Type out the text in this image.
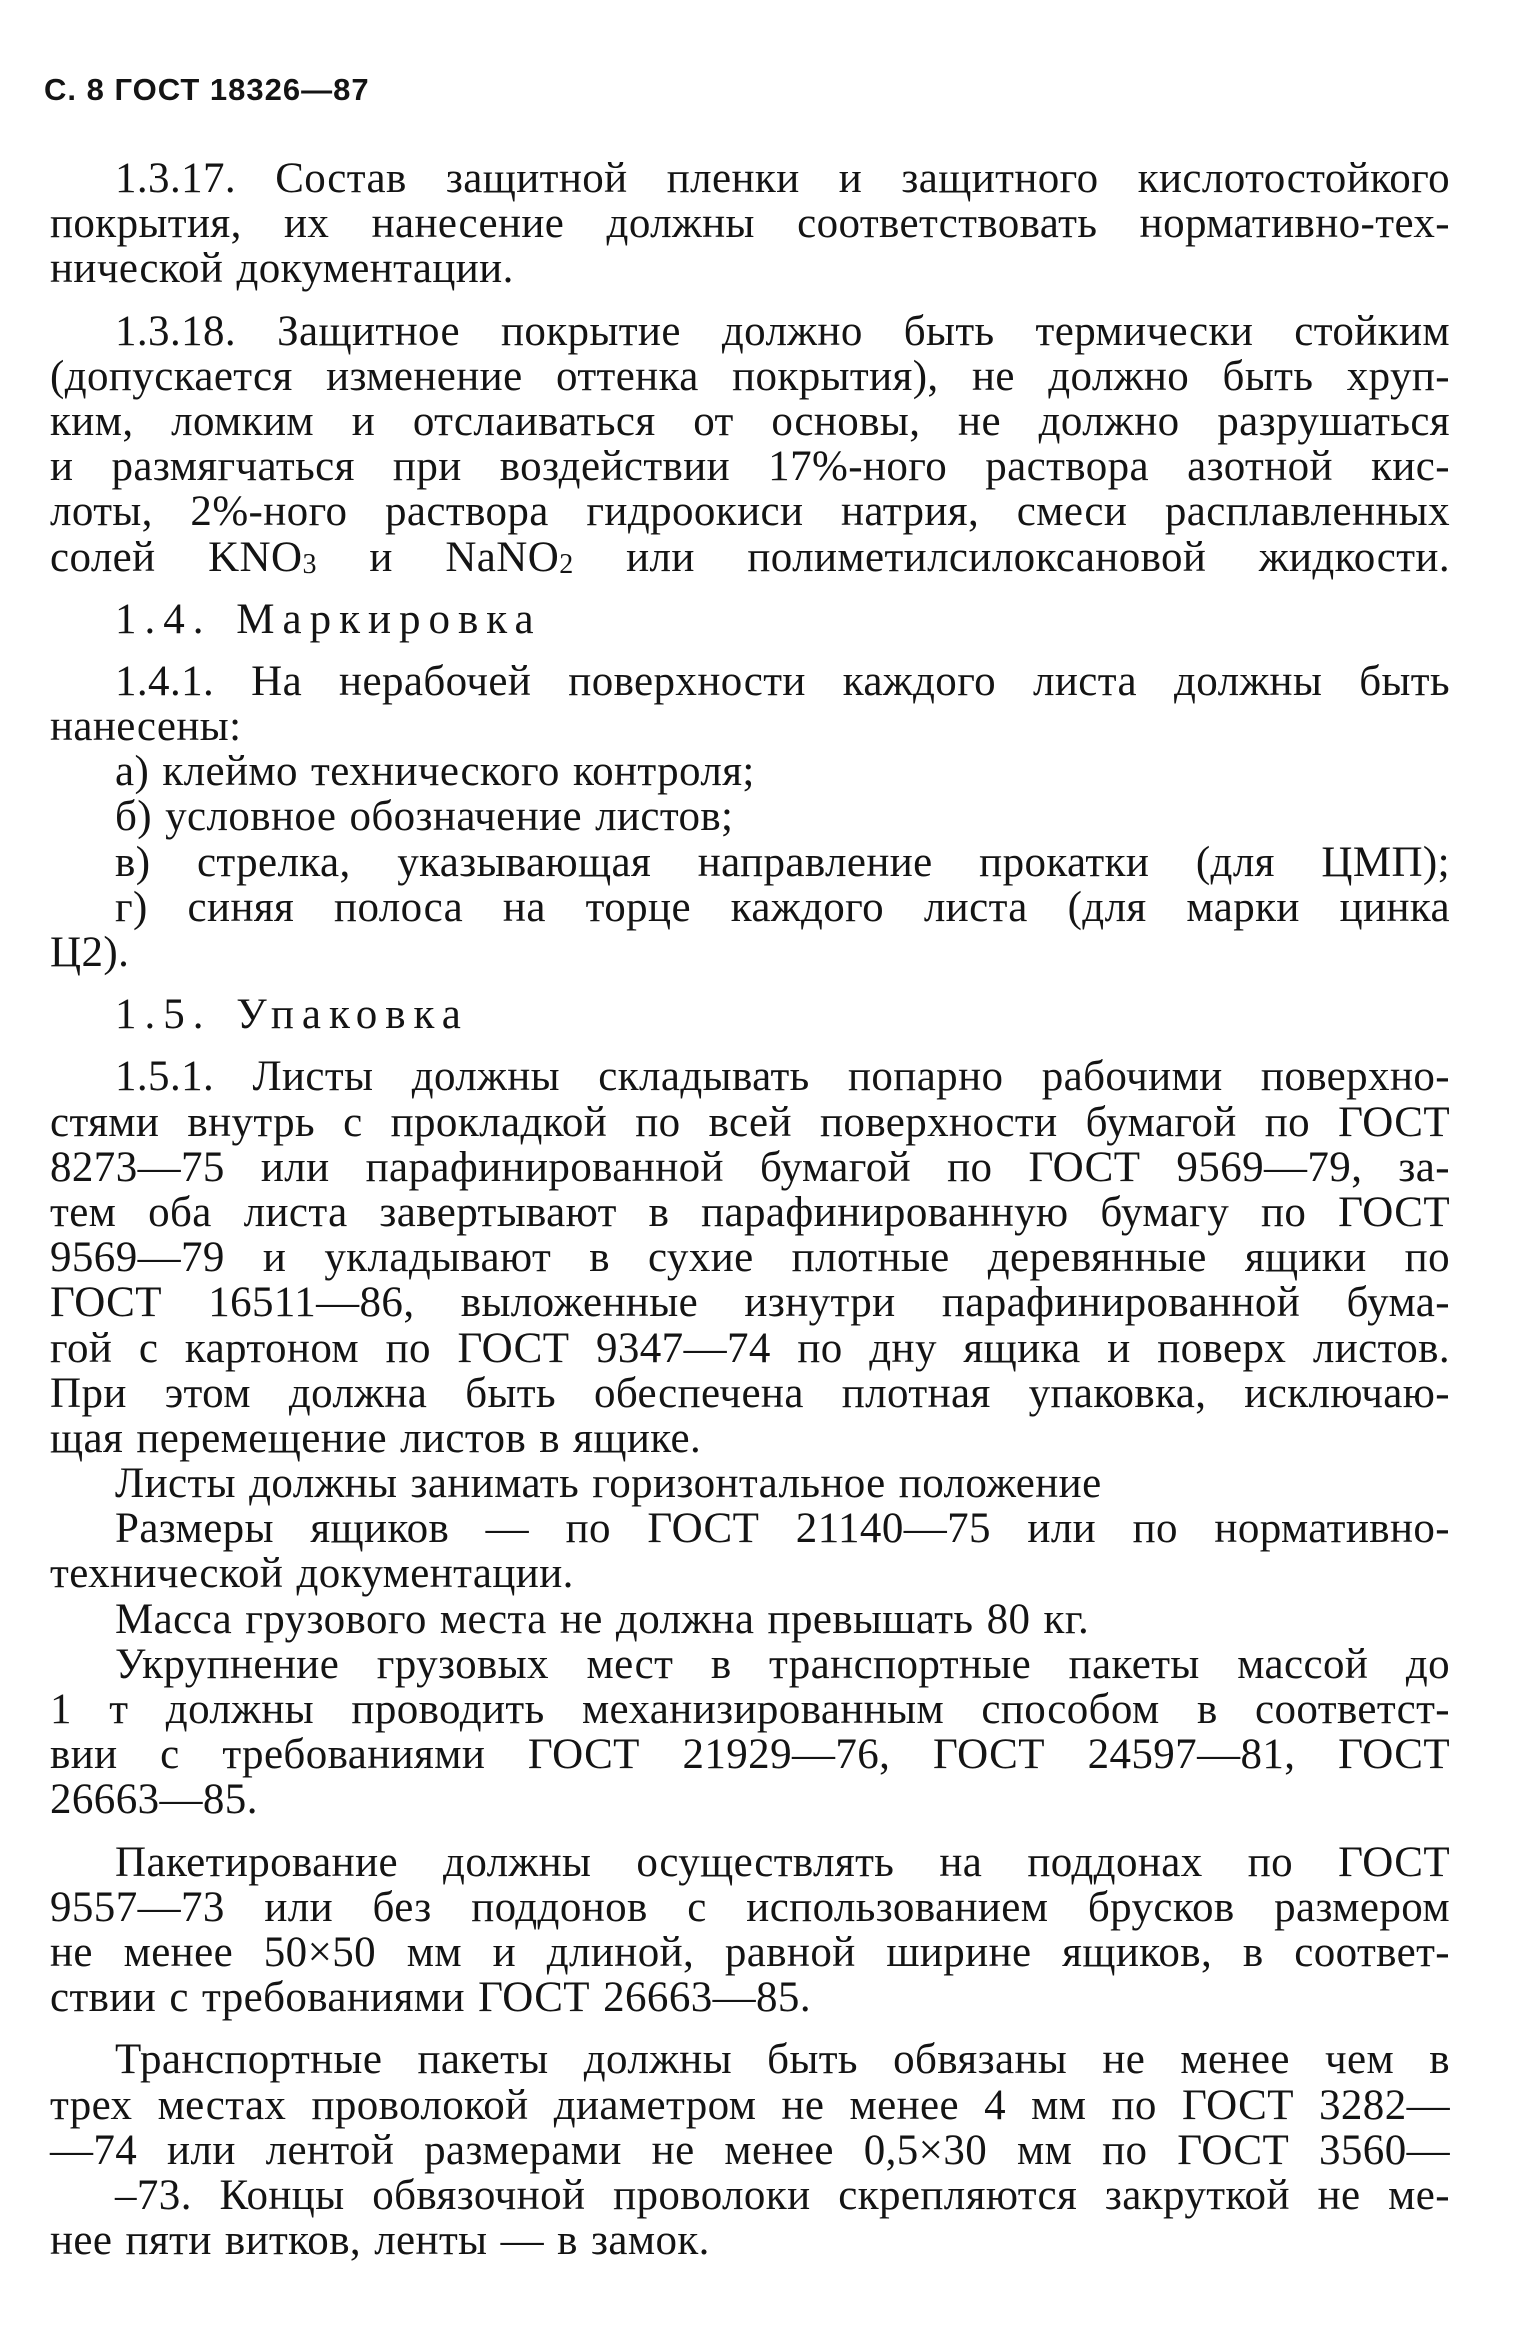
С. 8 ГОСТ 18326—87
1.3.17. Состав защитной пленки и защитного кислотостойкого
покрытия, их нанесение должны соответствовать нормативно-тех-
нической документации.
1.3.18. Защитное покрытие должно быть термически стойким
(допускается изменение оттенка покрытия), не должно быть хруп-
ким, ломким и отслаиваться от основы, не должно разрушаться
и размягчаться при воздействии 17%-ного раствора азотной кис-
лоты, 2%-ного раствора гидроокиси натрия, смеси расплавленных
солей $KNO_3$ и NaNO$_2$ или полиметилсилоксановой жидкости.
1.4. Маркировка
1.4.1. На нерабочей поверхности каждого листа должны быть
нанесены:
а) клеймо технического контроля;
б) условное обозначение листов;
в) стрелка, указывающая направление прокатки (для ЦМП);
г) синяя полоса на торце каждого листа (для марки цинка
Ц2).
1.5. Упаковка
1.5.1. Листы должны складывать попарно рабочими поверхно-
стями внутрь с прокладкой по всей поверхности бумагой по ГОСТ
8273—75 или парафинированной бумагой по ГОСТ 9569—79, за-
тем оба листа завертывают в парафинированную бумагу по ГОСТ
9569—79 и укладывают в сухие плотные деревянные ящики по
ГОСТ 16511—86, выложенные изнутри парафинированной бума-
гой с картоном по ГОСТ 9347—74 по дну ящика и поверх листов.
При этом должна быть обеспечена плотная упаковка, исключаю-
щая перемещение листов в ящике.
Листы должны занимать горизонтальное положение
Размеры ящиков — по ГОСТ 21140—75 или по нормативно-
технической документации.
Масса грузового места не должна превышать 80 кг.
Укрупнение грузовых мест в транспортные пакеты массой до
1 т должны проводить механизированным способом в соответст-
вии с требованиями ГОСТ 21929—76, ГОСТ 24597—81, ГОСТ
26663—85.
Пакетирование должны осуществлять на поддонах по ГОСТ
9557—73 или без поддонов с использованием брусков размером
не менее 50×50 мм и длиной, равной ширине ящиков, в соответ-
ствии с требованиями ГОСТ 26663—85.
Транспортные пакеты должны быть обвязаны не менее чем в
трех местах проволокой диаметром не менее 4 мм по ГОСТ 3282—
—74 или лентой размерами не менее 0,5×30 мм по ГОСТ 3560—
–73. Концы обвязочной проволоки скрепляются закруткой не ме-
нее пяти витков, ленты — в замок.
